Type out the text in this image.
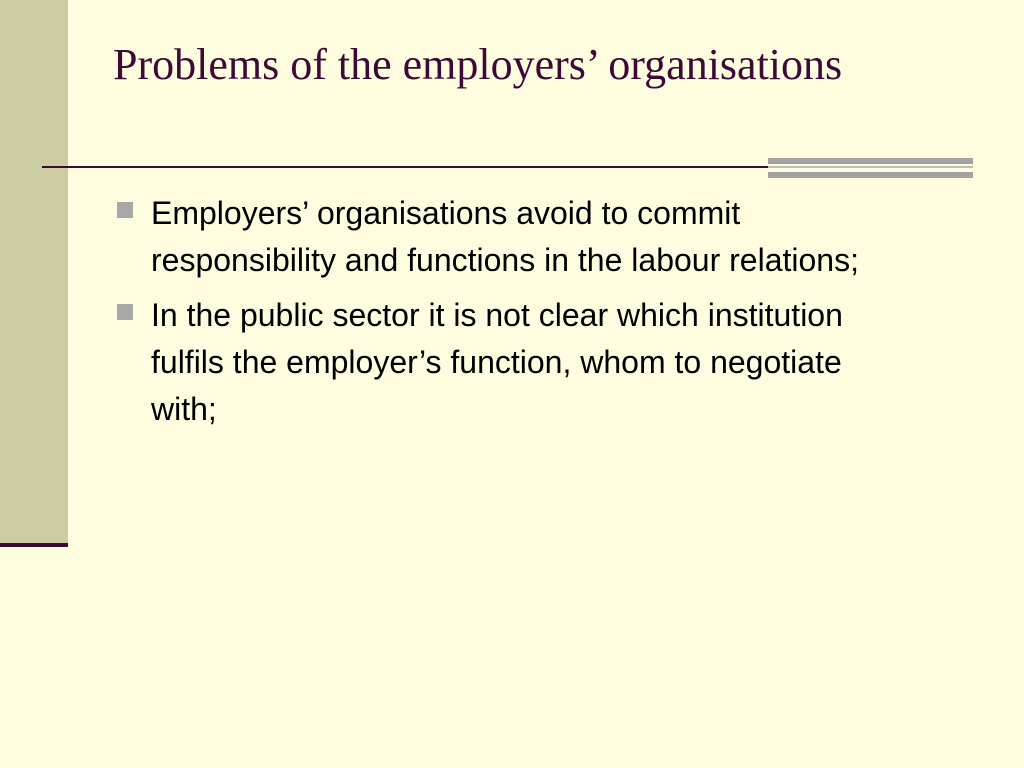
Problems of the employers’ organisations
Employers’ organisations avoid to commit responsibility and functions in the labour relations;
In the public sector it is not clear which institution fulfils the employer’s function, whom to negotiate with;
